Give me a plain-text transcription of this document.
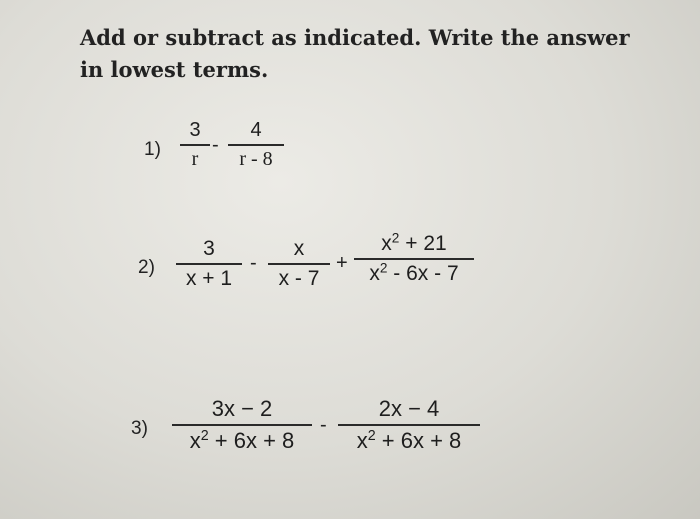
Add or subtract as indicated. Write the answer
in lowest terms.
1)
3
r
-
4
r - 8
2)
3
x + 1
-
x
x - 7
+
$x^2 + 21$
$x^2 - 6x - 7$
3)
3x − 2
$x^2 + 6x + 8$
-
2x − 4
$x^2 + 6x + 8$
